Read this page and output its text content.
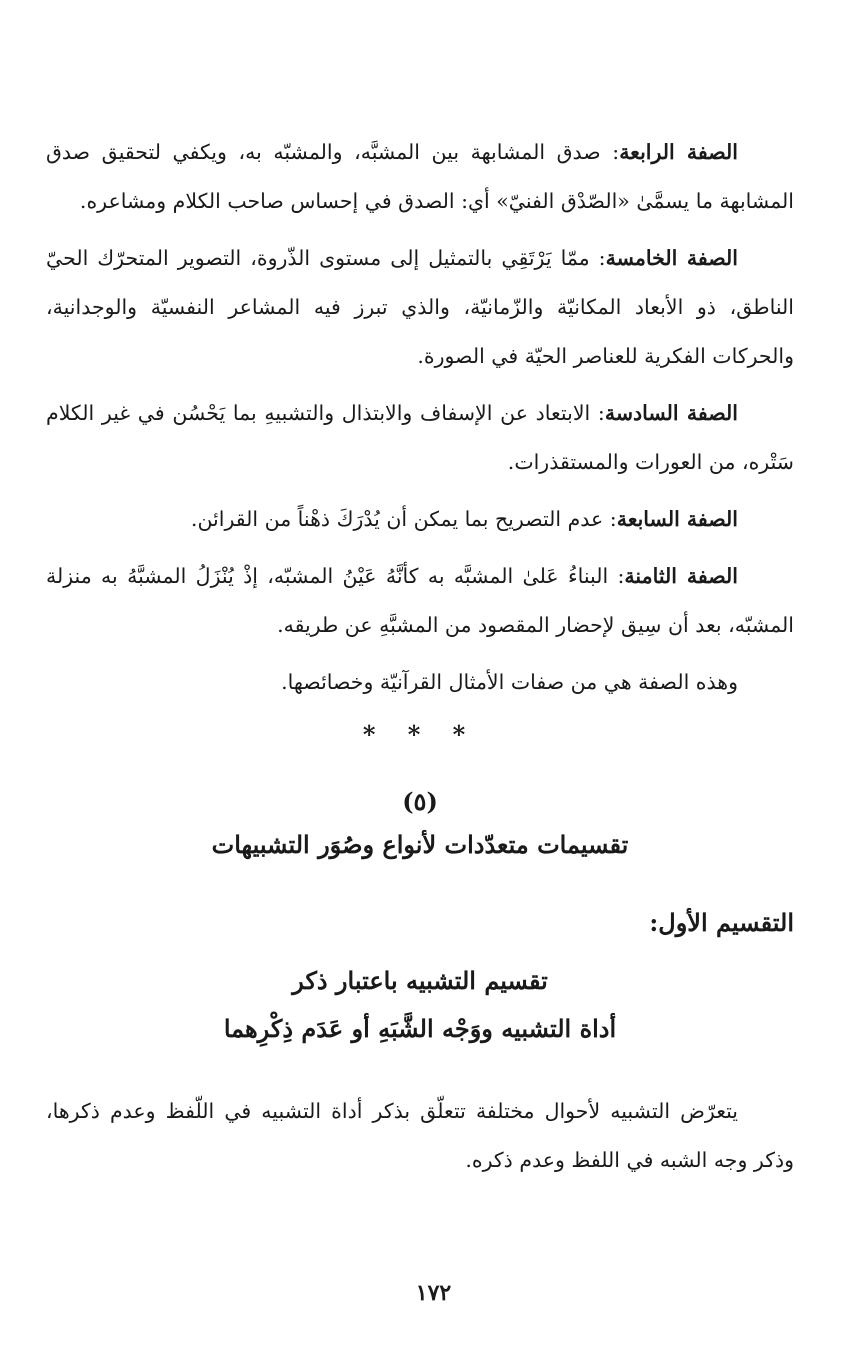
الصفة الرابعة: صدق المشابهة بين المشبَّه، والمشبّه به، ويكفي لتحقيق صدق المشابهة ما يسمَّىٰ «الصّدْق الفنيّ» أي: الصدق في إحساس صاحب الكلام ومشاعره.

الصفة الخامسة: ممّا يَرْتَقِي بالتمثيل إلى مستوى الذّروة، التصوير المتحرّك الحيّ الناطق، ذو الأبعاد المكانيّة والزّمانيّة، والذي تبرز فيه المشاعر النفسيّة والوجدانية، والحركات الفكرية للعناصر الحيّة في الصورة.

الصفة السادسة: الابتعاد عن الإسفاف والابتذال والتشبيهِ بما يَحْسُن في غير الكلام سَتْره، من العورات والمستقذرات.

الصفة السابعة: عدم التصريح بما يمكن أن يُدْرَكَ ذهْناً من القرائن.

الصفة الثامنة: البناءُ عَلىٰ المشبَّه به كأنَّهُ عَيْنُ المشبّه، إذْ يُنْزَلُ المشبَّهُ به منزلة المشبّه، بعد أن سِيق لإحضار المقصود من المشبَّهِ عن طريقه.

وهذه الصفة هي من صفات الأمثال القرآنيّة وخصائصها.

* * *
(٥)
تقسيمات متعدّدات لأنواع وصُوَر التشبيهات
التقسيم الأول:
تقسيم التشبيه باعتبار ذكر
أداة التشبيه ووَجْه الشَّبَهِ أو عَدَم ذِكْرِهما

يتعرّض التشبيه لأحوال مختلفة تتعلّق بذكر أداة التشبيه في اللّفظ وعدم ذكرها، وذكر وجه الشبه في اللفظ وعدم ذكره.

١٧٢
